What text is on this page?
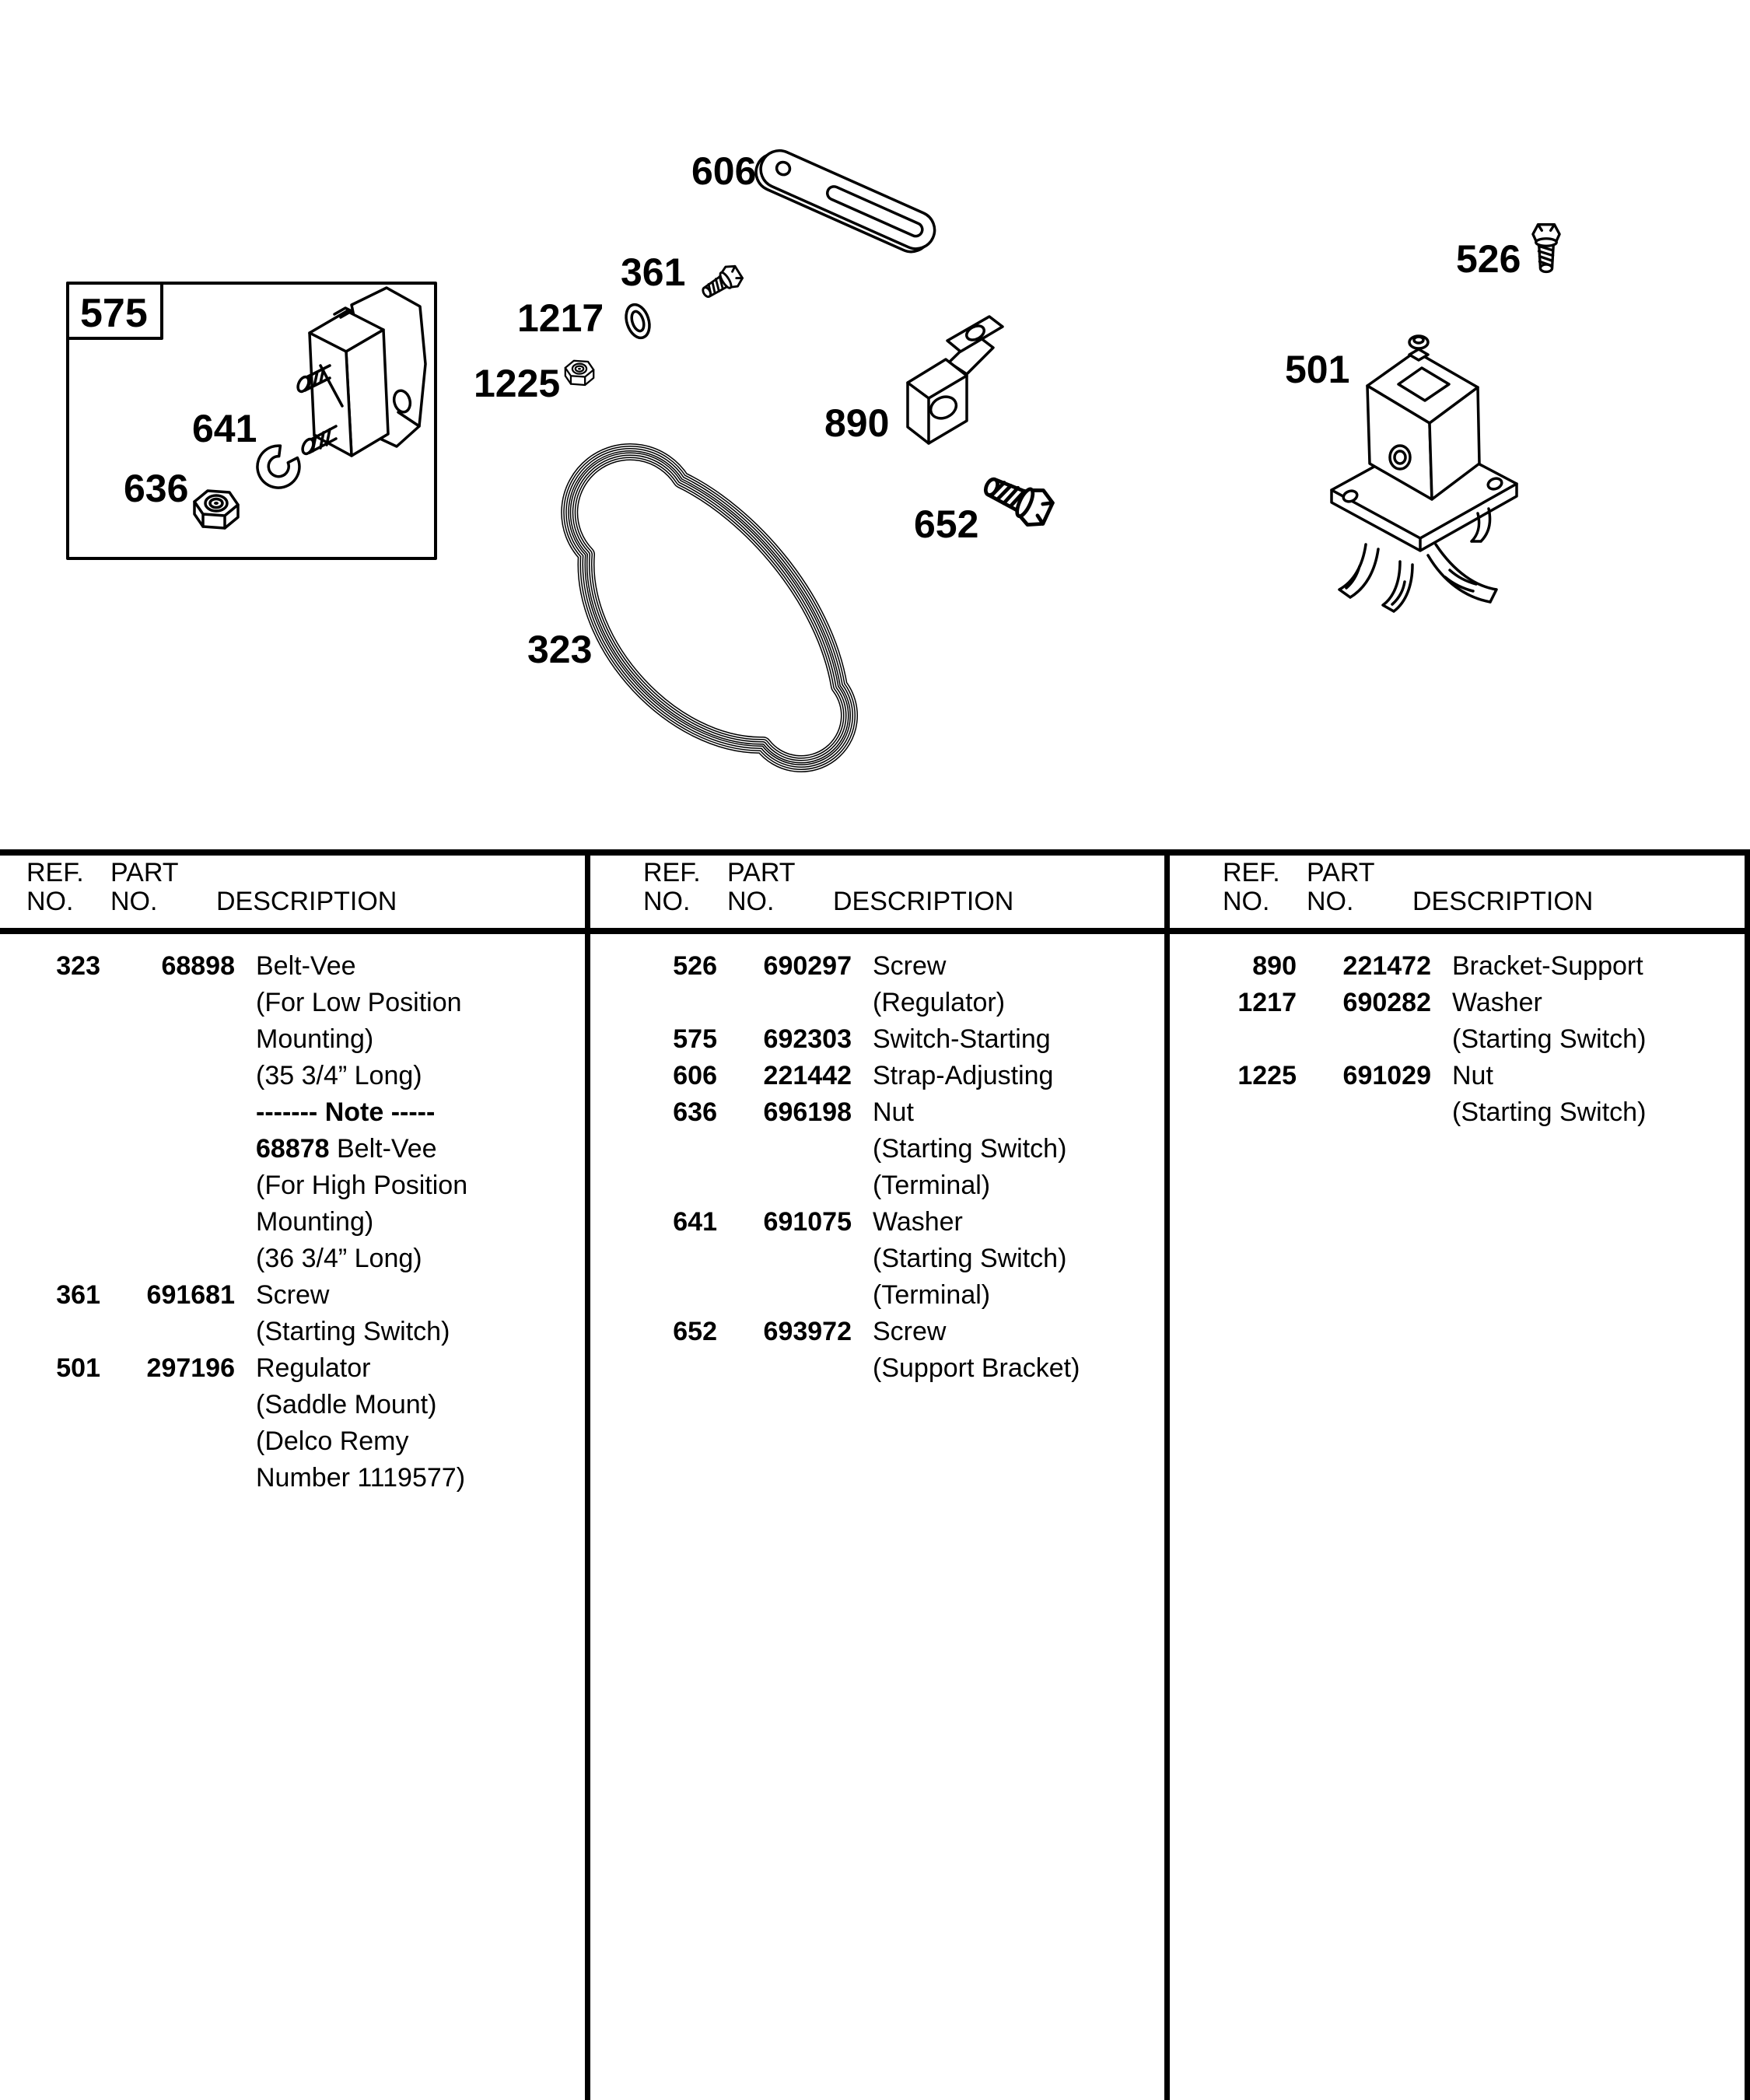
575
641
636
606
361
1217
1225
890
652
526
501
323
REF.	PART
NO.	NO.	DESCRIPTION
323	68898 Belt-Vee
(For Low Position
Mounting)
(35 3/4” Long)
------- Note -----
68878 Belt-Vee
(For High Position
Mounting)
(36 3/4” Long)
361	691681 Screw
(Starting Switch)
501	297196 Regulator
(Saddle Mount)
(Delco Remy
Number 1119577)
REF.	PART
NO.	NO.	DESCRIPTION
526	690297 Screw
(Regulator)
575	692303 Switch-Starting
606	221442 Strap-Adjusting
636	696198 Nut
(Starting Switch)
(Terminal)
641	691075 Washer
(Starting Switch)
(Terminal)
652	693972 Screw
(Support Bracket)
REF.	PART
NO.	NO.	DESCRIPTION
890	221472 Bracket-Support
1217	690282 Washer
(Starting Switch)
1225	691029 Nut
(Starting Switch)
